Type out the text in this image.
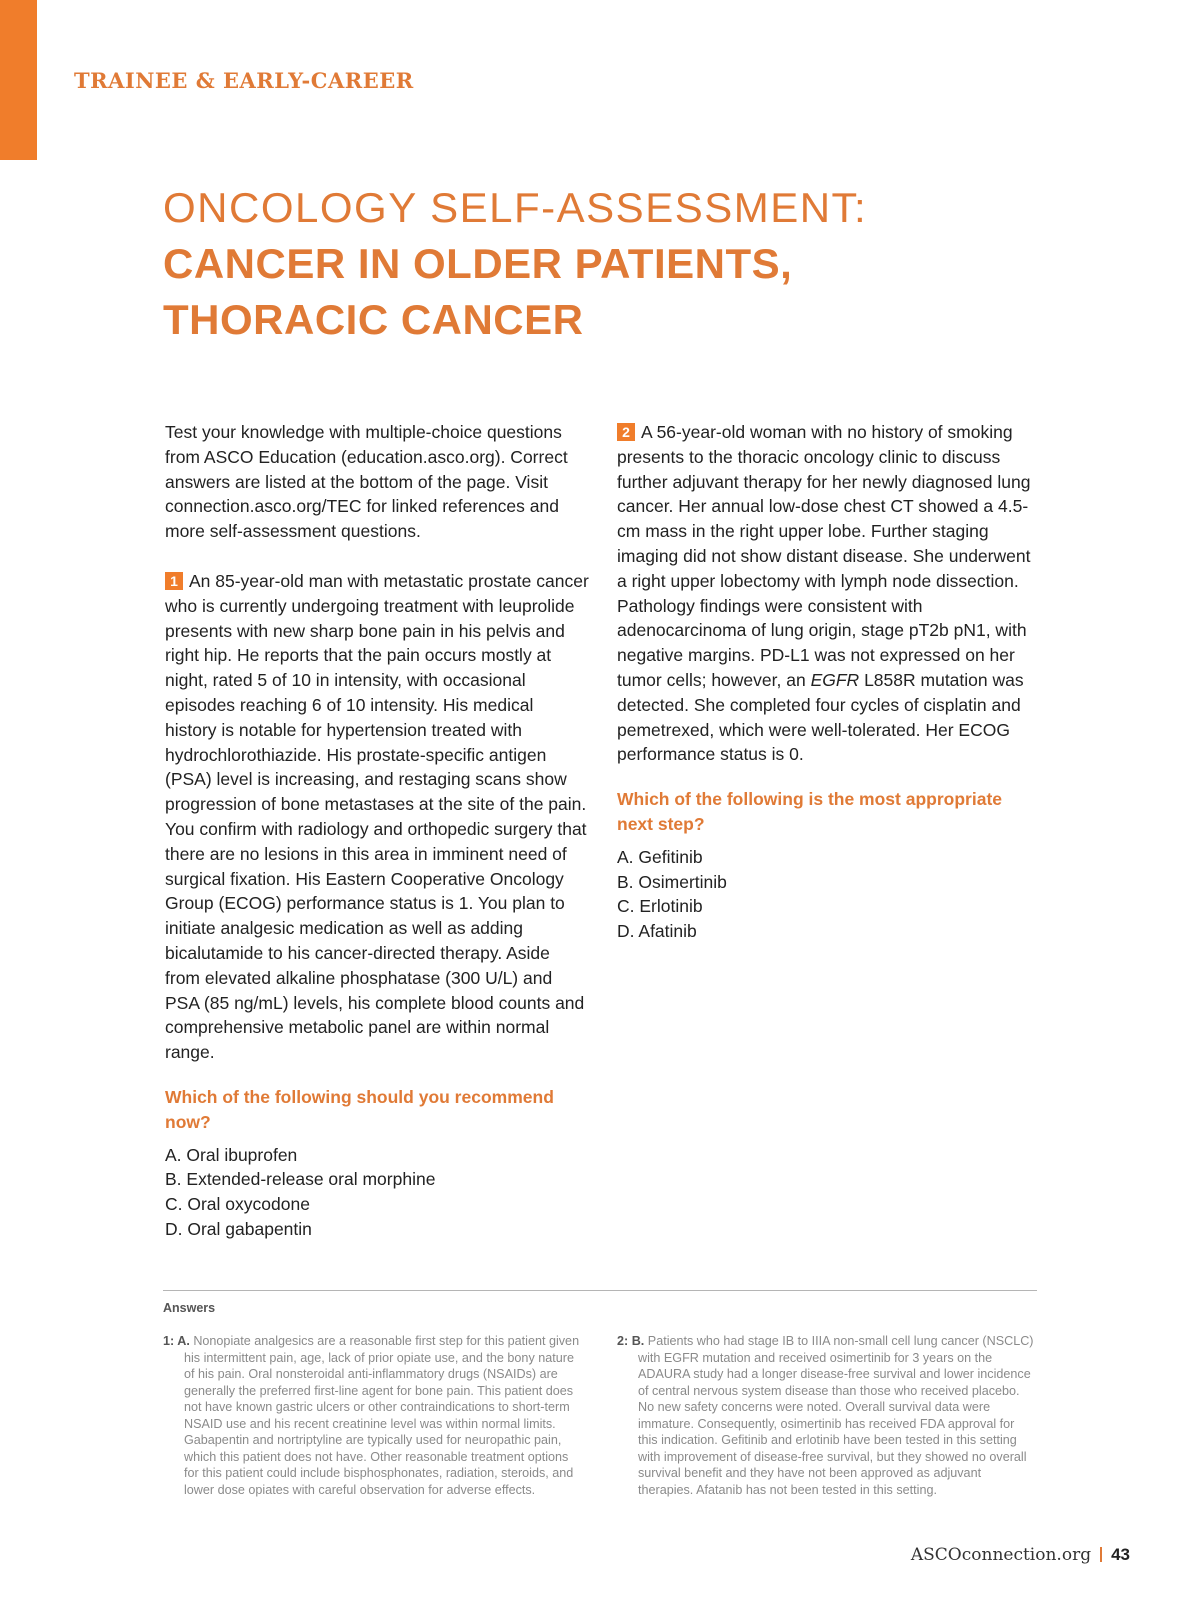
TRAINEE & EARLY-CAREER

ONCOLOGY SELF-ASSESSMENT:
CANCER IN OLDER PATIENTS,
THORACIC CANCER

Test your knowledge with multiple-choice questions from ASCO Education (education.asco.org). Correct answers are listed at the bottom of the page. Visit connection.asco.org/TEC for linked references and more self-assessment questions.

1 An 85-year-old man with metastatic prostate cancer who is currently undergoing treatment with leuprolide presents with new sharp bone pain in his pelvis and right hip. He reports that the pain occurs mostly at night, rated 5 of 10 in intensity, with occasional episodes reaching 6 of 10 intensity. His medical history is notable for hypertension treated with hydrochlorothiazide. His prostate-specific antigen (PSA) level is increasing, and restaging scans show progression of bone metastases at the site of the pain. You confirm with radiology and orthopedic surgery that there are no lesions in this area in imminent need of surgical fixation. His Eastern Cooperative Oncology Group (ECOG) performance status is 1. You plan to initiate analgesic medication as well as adding bicalutamide to his cancer-directed therapy. Aside from elevated alkaline phosphatase (300 U/L) and PSA (85 ng/mL) levels, his complete blood counts and comprehensive metabolic panel are within normal range.

Which of the following should you recommend now?

A. Oral ibuprofen
B. Extended-release oral morphine
C. Oral oxycodone
D. Oral gabapentin

2 A 56-year-old woman with no history of smoking presents to the thoracic oncology clinic to discuss further adjuvant therapy for her newly diagnosed lung cancer. Her annual low-dose chest CT showed a 4.5-cm mass in the right upper lobe. Further staging imaging did not show distant disease. She underwent a right upper lobectomy with lymph node dissection. Pathology findings were consistent with adenocarcinoma of lung origin, stage pT2b pN1, with negative margins. PD-L1 was not expressed on her tumor cells; however, an EGFR L858R mutation was detected. She completed four cycles of cisplatin and pemetrexed, which were well-tolerated. Her ECOG performance status is 0.

Which of the following is the most appropriate next step?

A. Gefitinib
B. Osimertinib
C. Erlotinib
D. Afatinib

Answers

1: A. Nonopiate analgesics are a reasonable first step for this patient given his intermittent pain, age, lack of prior opiate use, and the bony nature of his pain. Oral nonsteroidal anti-inflammatory drugs (NSAIDs) are generally the preferred first-line agent for bone pain. This patient does not have known gastric ulcers or other contraindications to short-term NSAID use and his recent creatinine level was within normal limits. Gabapentin and nortriptyline are typically used for neuropathic pain, which this patient does not have. Other reasonable treatment options for this patient could include bisphosphonates, radiation, steroids, and lower dose opiates with careful observation for adverse effects.

2: B. Patients who had stage IB to IIIA non-small cell lung cancer (NSCLC) with EGFR mutation and received osimertinib for 3 years on the ADAURA study had a longer disease-free survival and lower incidence of central nervous system disease than those who received placebo. No new safety concerns were noted. Overall survival data were immature. Consequently, osimertinib has received FDA approval for this indication. Gefitinib and erlotinib have been tested in this setting with improvement of disease-free survival, but they showed no overall survival benefit and they have not been approved as adjuvant therapies. Afatanib has not been tested in this setting.

ASCOconnection.org 43
